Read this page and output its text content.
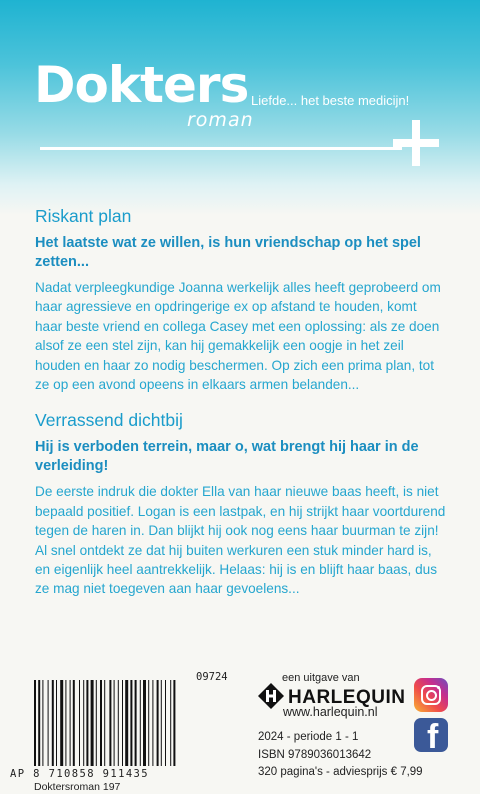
Dokters
roman
Liefde... het beste medicijn!
Riskant plan
Het laatste wat ze willen, is hun vriendschap op het spel zetten...
Nadat verpleegkundige Joanna werkelijk alles heeft geprobeerd om haar agressieve en opdringerige ex op afstand te houden, komt haar beste vriend en collega Casey met een oplossing: als ze doen alsof ze een stel zijn, kan hij gemakkelijk een oogje in het zeil houden en haar zo nodig beschermen. Op zich een prima plan, tot ze op een avond opeens in elkaars armen belanden...
Verrassend dichtbij
Hij is verboden terrein, maar o, wat brengt hij haar in de verleiding!
De eerste indruk die dokter Ella van haar nieuwe baas heeft, is niet bepaald positief. Logan is een lastpak, en hij strijkt haar voortdurend tegen de haren in. Dan blijkt hij ook nog eens haar buurman te zijn! Al snel ontdekt ze dat hij buiten werkuren een stuk minder hard is, en eigenlijk heel aantrekkelijk. Helaas: hij is en blijft haar baas, dus ze mag niet toegeven aan haar gevoelens...
09724
AP 8 710858 911435
Doktersroman 197
een uitgave van
HARLEQUIN
www.harlequin.nl
2024 - periode 1 - 1
ISBN 9789036013642
320 pagina's - adviesprijs € 7,99
f
